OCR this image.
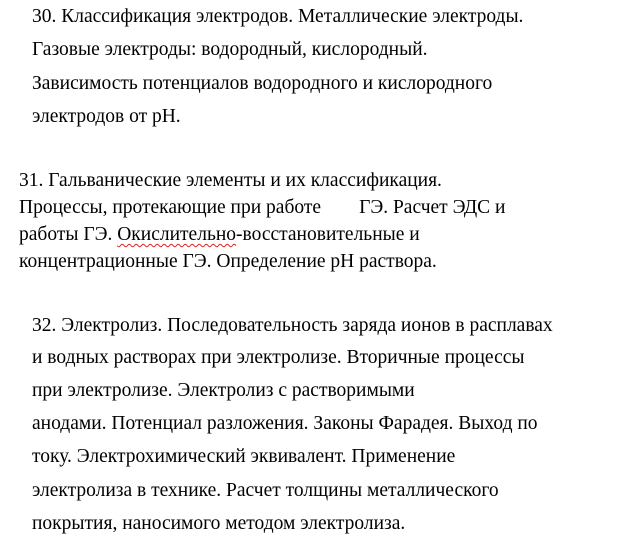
30. Классификация электродов. Металлические электроды.
Газовые электроды: водородный, кислородный.
Зависимость потенциалов водородного и кислородного
электродов от pH.
31. Гальванические элементы и их классификация.
Процессы, протекающие при работе ГЭ. Расчет ЭДС и
работы ГЭ. Окислительно-восстановительные и
концентрационные ГЭ. Определение pH раствора.
32. Электролиз. Последовательность заряда ионов в расплавах
и водных растворах при электролизе. Вторичные процессы
при электролизе. Электролиз с растворимыми
анодами. Потенциал разложения. Законы Фарадея. Выход по
току. Электрохимический эквивалент. Применение
электролиза в технике. Расчет толщины металлического
покрытия, наносимого методом электролиза.
